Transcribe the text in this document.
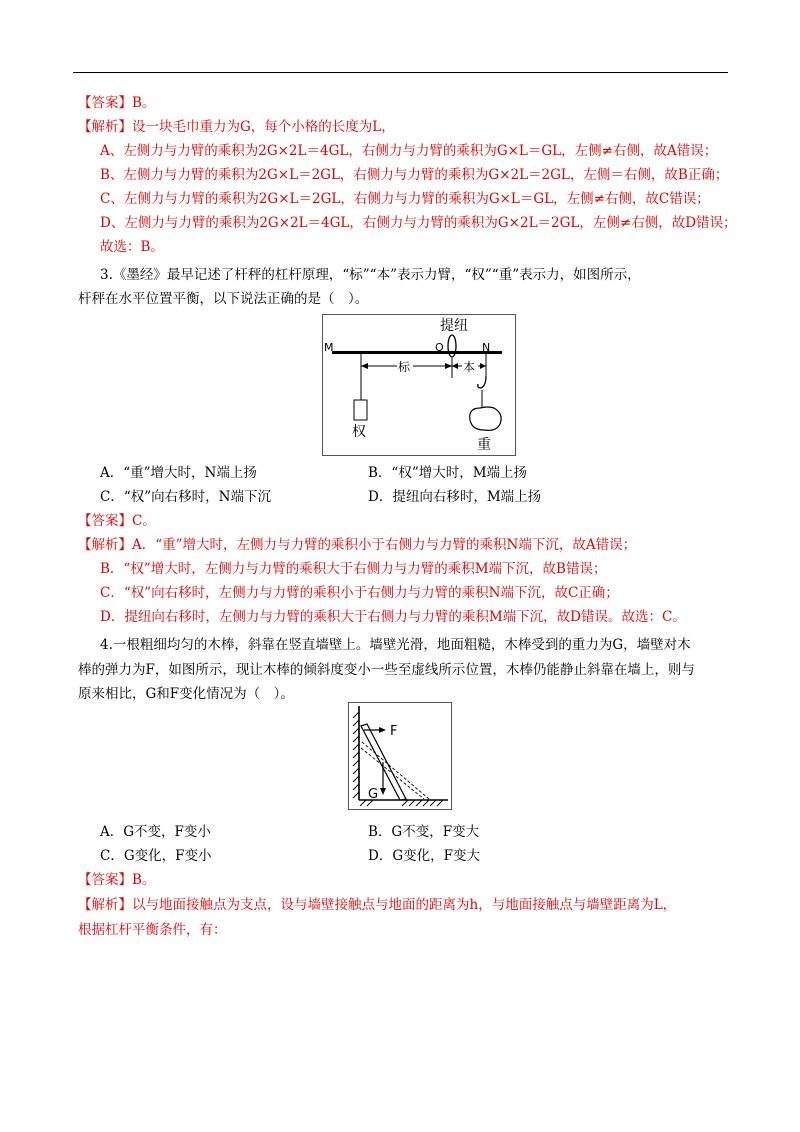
【答案】B。
【解析】设一块毛巾重力为G，每个小格的长度为L，
A、左侧力与力臂的乘积为2G×2L＝4GL，右侧力与力臂的乘积为G×L＝GL，左侧≠右侧，故A错误；
B、左侧力与力臂的乘积为2G×L＝2GL，右侧力与力臂的乘积为G×2L＝2GL，左侧＝右侧，故B正确；
C、左侧力与力臂的乘积为2G×L＝2GL，右侧力与力臂的乘积为G×L＝GL，左侧≠右侧，故C错误；
D、左侧力与力臂的乘积为2G×2L＝4GL，右侧力与力臂的乘积为G×2L＝2GL，左侧≠右侧，故D错误；
故选：B。
3.《墨经》最早记述了杆秤的杠杆原理，“标”“本”表示力臂，“权”“重”表示力，如图所示，
杆秤在水平位置平衡，以下说法正确的是（　）。
提纽
M	O	N
权
标	本
重
A．“重”增大时，N端上扬	B．“权”增大时，M端上扬
C．“权”向右移时，N端下沉	D．提纽向右移时，M端上扬
【答案】C。
【解析】A．“重”增大时，左侧力与力臂的乘积小于右侧力与力臂的乘积N端下沉，故A错误；
B．“权”增大时，左侧力与力臂的乘积大于右侧力与力臂的乘积M端下沉，故B错误；
C．“权”向右移时，左侧力与力臂的乘积小于右侧力与力臂的乘积N端下沉，故C正确；
D．提纽向右移时，左侧力与力臂的乘积大于右侧力与力臂的乘积M端下沉，故D错误。故选：C。
4.一根粗细均匀的木棒，斜靠在竖直墙壁上。墙壁光滑，地面粗糙，木棒受到的重力为G，墙壁对木
棒的弹力为F，如图所示，现让木棒的倾斜度变小一些至虚线所示位置，木棒仍能静止斜靠在墙上，则与
原来相比，G和F变化情况为（　）。
F
G
A．G不变，F变小	B．G不变，F变大
C．G变化，F变小	D．G变化，F变大
【答案】B。
【解析】以与地面接触点为支点，设与墙壁接触点与地面的距离为h，与地面接触点与墙壁距离为L，
根据杠杆平衡条件，有：
